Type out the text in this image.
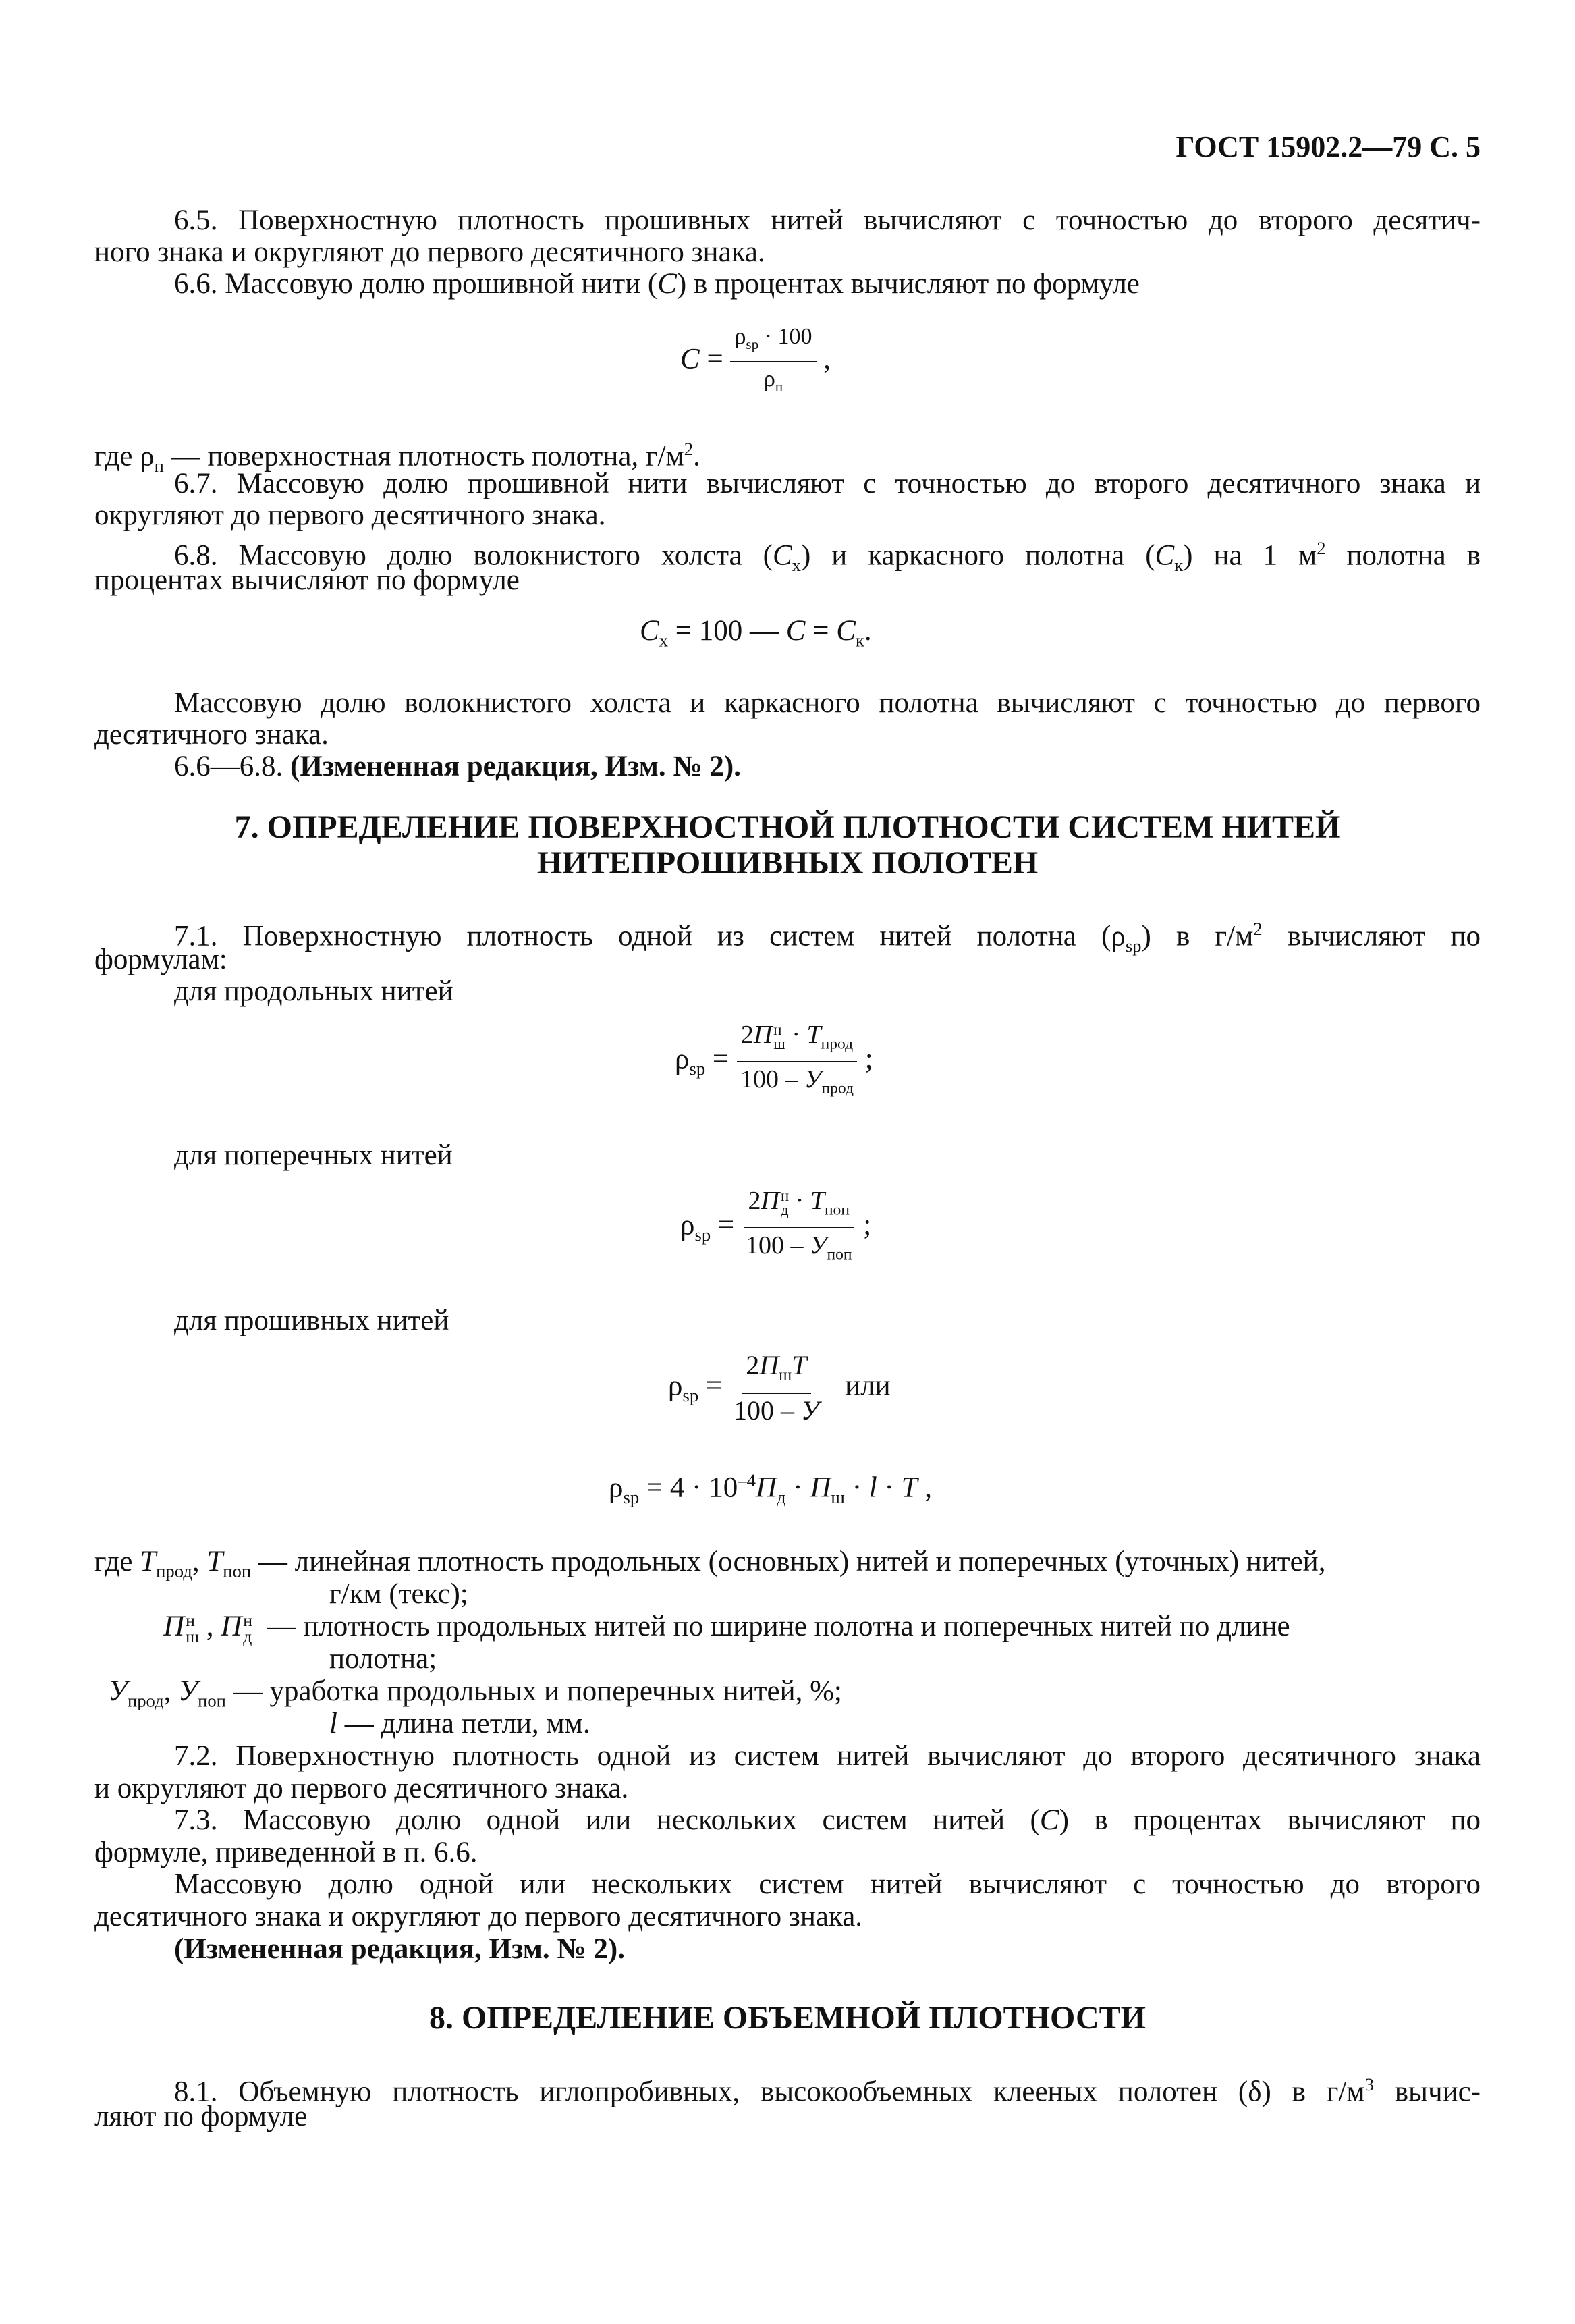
ГОСТ 15902.2—79 С. 5
6.5. Поверхностную плотность прошивных нитей вычисляют с точностью до второго десятич-
ного знака и округляют до первого десятичного знака.
6.6. Массовую долю прошивной нити (C) в процентах вычисляют по формуле
C =
$\rho_{sp} \cdot 100$
$\rho_п$
,
где $\rho_п$ — поверхностная плотность полотна, $г/м^2$.
6.7. Массовую долю прошивной нити вычисляют с точностью до второго десятичного знака и
округляют до первого десятичного знака.
6.8. Массовую долю волокнистого холста $(C_х)$ и каркасного полотна $(C_к)$ на 1 $м^2$ полотна в
процентах вычисляют по формуле
$C_х = 100$ — $C = C_к$.
Массовую долю волокнистого холста и каркасного полотна вычисляют с точностью до первого
десятичного знака.
6.6—6.8. (Измененная редакция, Изм. № 2).
7. ОПРЕДЕЛЕНИЕ ПОВЕРХНОСТНОЙ ПЛОТНОСТИ СИСТЕМ НИТЕЙ
НИТЕПРОШИВНЫХ ПОЛОТЕН
7.1. Поверхностную плотность одной из систем нитей полотна $(\rho_{sp})$ в $г/м^2$ вычисляют по
формулам:
для продольных нитей
$\rho_{sp}$ =
2П н
$ш \cdot Т_{прод}$
$100 - У_{прод}$
;
для поперечных нитей
$\rho_{sp}$ =
2П н
$д \cdot Т_{поп}$
$100 - У_{поп}$
;
для прошивных нитей
$\rho_{sp}$ =
$2П_шТ$
100 – У
или
$\rho_{sp} = 4 \cdot 10^{-4}П_д \cdot П_ш \cdot l \cdot T$ ,
где $Т_{прод}$, $Т_{поп}$ — линейная плотность продольных (основных) нитей и поперечных (уточных) нитей,
г/км (текс);
П н
ш , П н
д — плотность продольных нитей по ширине полотна и поперечных нитей по длине
полотна;
$У_{прод}$, $У_{поп}$ — уработка продольных и поперечных нитей, %;
l — длина петли, мм.
7.2. Поверхностную плотность одной из систем нитей вычисляют до второго десятичного знака
и округляют до первого десятичного знака.
7.3. Массовую долю одной или нескольких систем нитей (C) в процентах вычисляют по
формуле, приведенной в п. 6.6.
Массовую долю одной или нескольких систем нитей вычисляют с точностью до второго
десятичного знака и округляют до первого десятичного знака.
(Измененная редакция, Изм. № 2).
8. ОПРЕДЕЛЕНИЕ ОБЪЕМНОЙ ПЛОТНОСТИ
8.1. Объемную плотность иглопробивных, высокообъемных клееных полотен (δ) в $г/м^3$ вычис-
ляют по формуле
